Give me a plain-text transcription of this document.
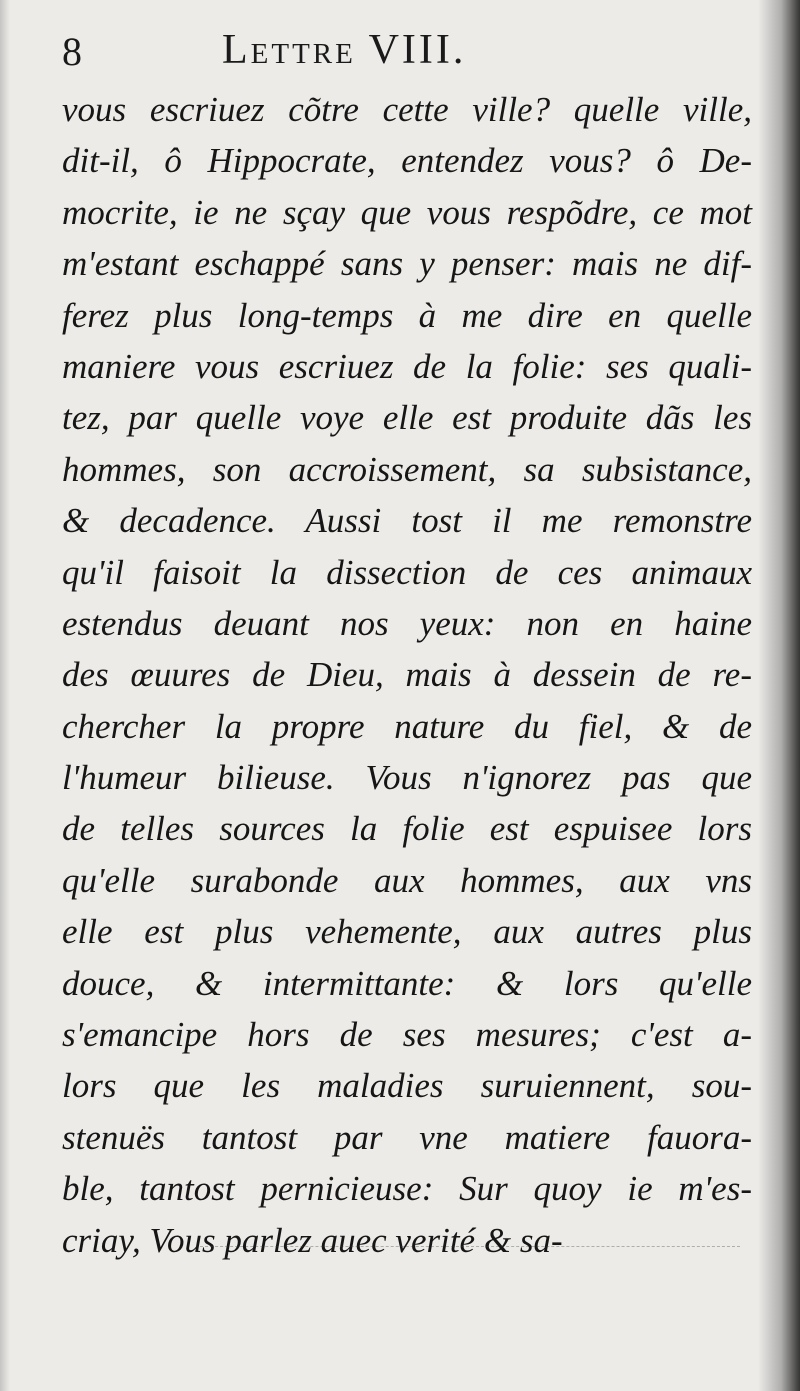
8	Lettre VIII.
vous escriuez cõtre cette ville? quelle ville,
dit-il, ô Hippocrate, entendez vous? ô De-
mocrite, ie ne sçay que vous respõdre, ce mot
m'estant eschappé sans y penser: mais ne dif-
ferez plus long-temps à me dire en quelle
maniere vous escriuez de la folie: ses quali-
tez, par quelle voye elle est produite dãs les
hommes, son accroissement, sa subsistance,
& decadence. Aussi tost il me remonstre
qu'il faisoit la dissection de ces animaux
estendus deuant nos yeux: non en haine
des œuures de Dieu, mais à dessein de re-
chercher la propre nature du fiel, & de
l'humeur bilieuse. Vous n'ignorez pas que
de telles sources la folie est espuisee lors
qu'elle surabonde aux hommes, aux vns
elle est plus vehemente, aux autres plus
douce, & intermittante: & lors qu'elle
s'emancipe hors de ses mesures; c'est a-
lors que les maladies suruiennent, sou-
stenuës tantost par vne matiere fauora-
ble, tantost pernicieuse: Sur quoy ie m'es-
criay, Vous parlez auec verité & sa-
